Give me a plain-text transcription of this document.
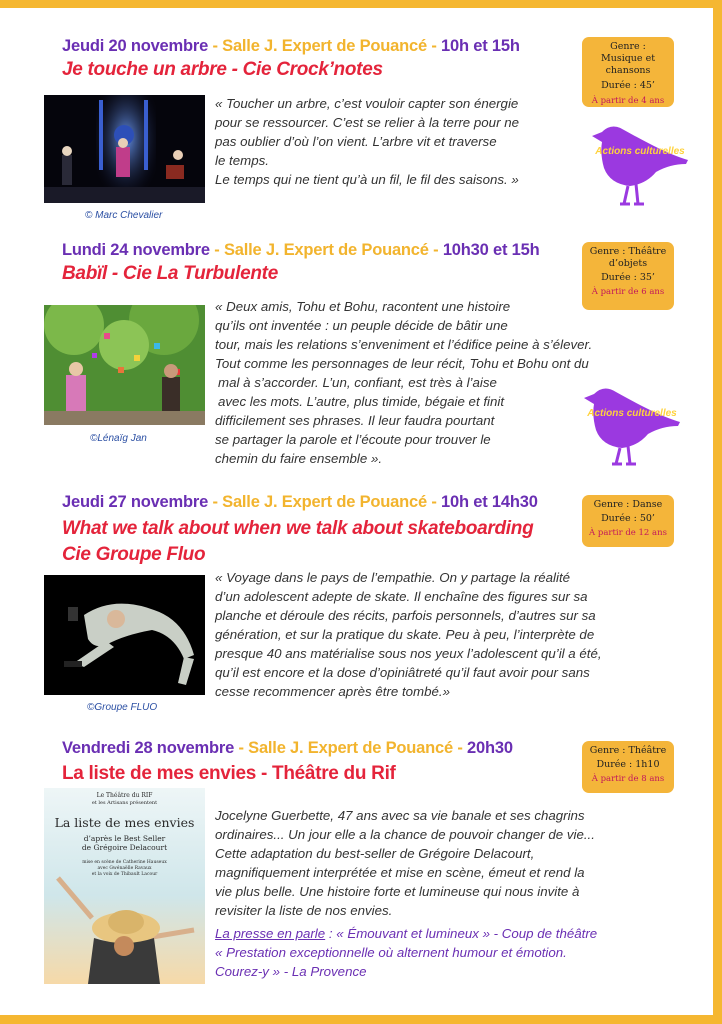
Jeudi 20 novembre - Salle J. Expert de Pouancé - 10h et 15h
Je touche un arbre - Cie Crock’notes
© Marc Chevalier

« Toucher un arbre, c’est vouloir capter son énergie

pour se ressourcer. C’est se relier à la terre pour ne

pas oublier d’où l’on vient. L’arbre vit et traverse

le temps.

Le temps qui ne tient qu’à un fil, le fil des saisons. »

Genre : Musique et chansons
Durée : 45’
À partir de 4 ans
Actions culturelles
Lundi 24 novembre - Salle J. Expert de Pouancé - 10h30 et 15h
Babïl - Cie La Turbulente
©Lénaïg Jan

« Deux amis, Tohu et Bohu, racontent une histoire

qu’ils ont inventée : un peuple décide de bâtir une

tour, mais les relations s’enveniment et l’édifice peine à s’élever.

Tout comme les personnages de leur récit, Tohu et Bohu ont du

mal à s’accorder. L’un, confiant, est très à l’aise

avec les mots. L’autre, plus timide, bégaie et finit

difficilement ses phrases. Il leur faudra pourtant

se partager la parole et l’écoute pour trouver le

chemin du faire ensemble ».

Genre : Théâtre d’objets
Durée : 35’
À partir de 6 ans
Actions culturelles
Jeudi 27 novembre - Salle J. Expert de Pouancé - 10h et 14h30
What we talk about when we talk about skateboarding
Cie Groupe Fluo
©Groupe FLUO

« Voyage dans le pays de l’empathie. On y partage la réalité

d’un adolescent adepte de skate. Il enchaîne des figures sur sa

planche et déroule des récits, parfois personnels, d’autres sur sa

génération, et sur la pratique du skate. Peu à peu, l’interprète de

presque 40 ans matérialise sous nos yeux l’adolescent qu’il a été,

qu’il est encore et la dose d’opiniâtreté qu’il faut avoir pour sans

cesse recommencer après être tombé.»

Genre : Danse
Durée : 50’
À partir de 12 ans
Vendredi 28 novembre - Salle J. Expert de Pouancé - 20h30
La liste de mes envies - Théâtre du Rif
Le Théâtre du RIF
et les Artisans présentent
La liste de mes envies
d’après le Best Seller
de Grégoire Delacourt
mise en scène de Catherine Hauseux
avec Gwénaëlle Ravaux
et la voix de Thibault Lacour

Jocelyne Guerbette, 47 ans avec sa vie banale et ses chagrins

ordinaires... Un jour elle a la chance de pouvoir changer de vie...

Cette adaptation du best-seller de Grégoire Delacourt,

magnifiquement interprétée et mise en scène, émeut et rend la

vie plus belle. Une histoire forte et lumineuse qui nous invite à

revisiter la liste de nos envies.

La presse en parle : « Émouvant et lumineux » - Coup de théâtre

« Prestation exceptionnelle où alternent humour et émotion.

Courez-y » - La Provence

Genre : Théâtre
Durée : 1h10
À partir de 8 ans
